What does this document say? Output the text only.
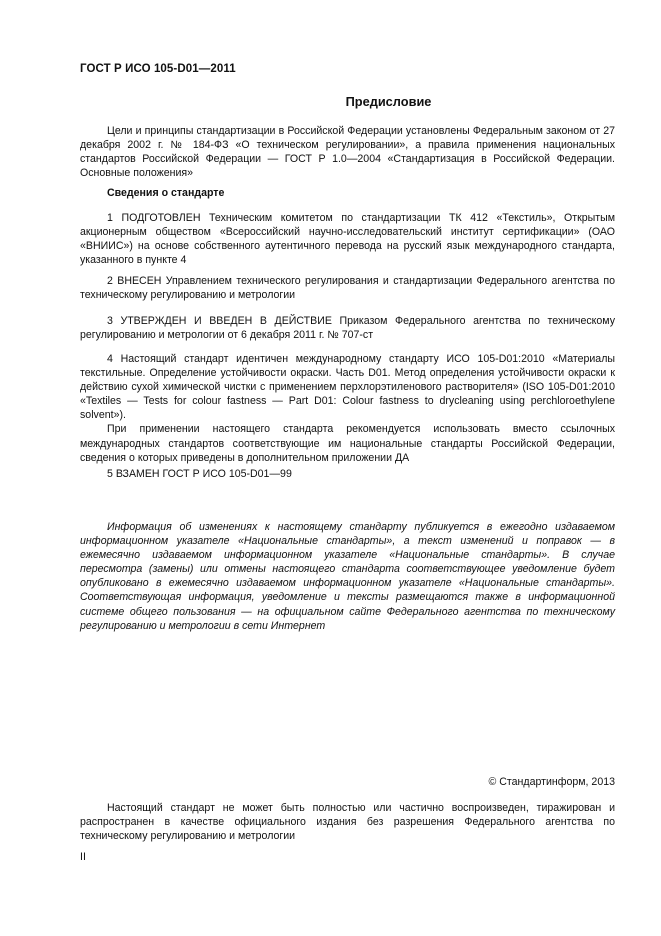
ГОСТ Р ИСО 105-D01—2011
Предисловие

Цели и принципы стандартизации в Российской Федерации установлены Федеральным законом от 27 декабря 2002 г. № 184-ФЗ «О техническом регулировании», а правила применения национальных стандартов Российской Федерации — ГОСТ Р 1.0—2004 «Стандартизация в Российской Федерации. Основные положения»

Сведения о стандарте

1 ПОДГОТОВЛЕН Техническим комитетом по стандартизации ТК 412 «Текстиль», Открытым акционерным обществом «Всероссийский научно-исследовательский институт сертификации» (ОАО «ВНИИС») на основе собственного аутентичного перевода на русский язык международного стандарта, указанного в пункте 4

2 ВНЕСЕН Управлением технического регулирования и стандартизации Федерального агентства по техническому регулированию и метрологии

3 УТВЕРЖДЕН И ВВЕДЕН В ДЕЙСТВИЕ Приказом Федерального агентства по техническому регулированию и метрологии от 6 декабря 2011 г. № 707-ст

4 Настоящий стандарт идентичен международному стандарту ИСО 105-D01:2010 «Материалы текстильные. Определение устойчивости окраски. Часть D01. Метод определения устойчивости окраски к действию сухой химической чистки с применением перхлорэтиленового растворителя» (ISO 105-D01:2010 «Textiles — Tests for colour fastness — Part D01: Colour fastness to drycleaning using perchloroethylene solvent»).

При применении настоящего стандарта рекомендуется использовать вместо ссылочных международных стандартов соответствующие им национальные стандарты Российской Федерации, сведения о которых приведены в дополнительном приложении ДА

5 ВЗАМЕН ГОСТ Р ИСО 105-D01—99

Информация об изменениях к настоящему стандарту публикуется в ежегодно издаваемом информационном указателе «Национальные стандарты», а текст изменений и поправок — в ежемесячно издаваемом информационном указателе «Национальные стандарты». В случае пересмотра (замены) или отмены настоящего стандарта соответствующее уведомление будет опубликовано в ежемесячно издаваемом информационном указателе «Национальные стандарты». Соответствующая информация, уведомление и тексты размещаются также в информационной системе общего пользования — на официальном сайте Федерального агентства по техническому регулированию и метрологии в сети Интернет

© Стандартинформ, 2013

Настоящий стандарт не может быть полностью или частично воспроизведен, тиражирован и распространен в качестве официального издания без разрешения Федерального агентства по техническому регулированию и метрологии

II
